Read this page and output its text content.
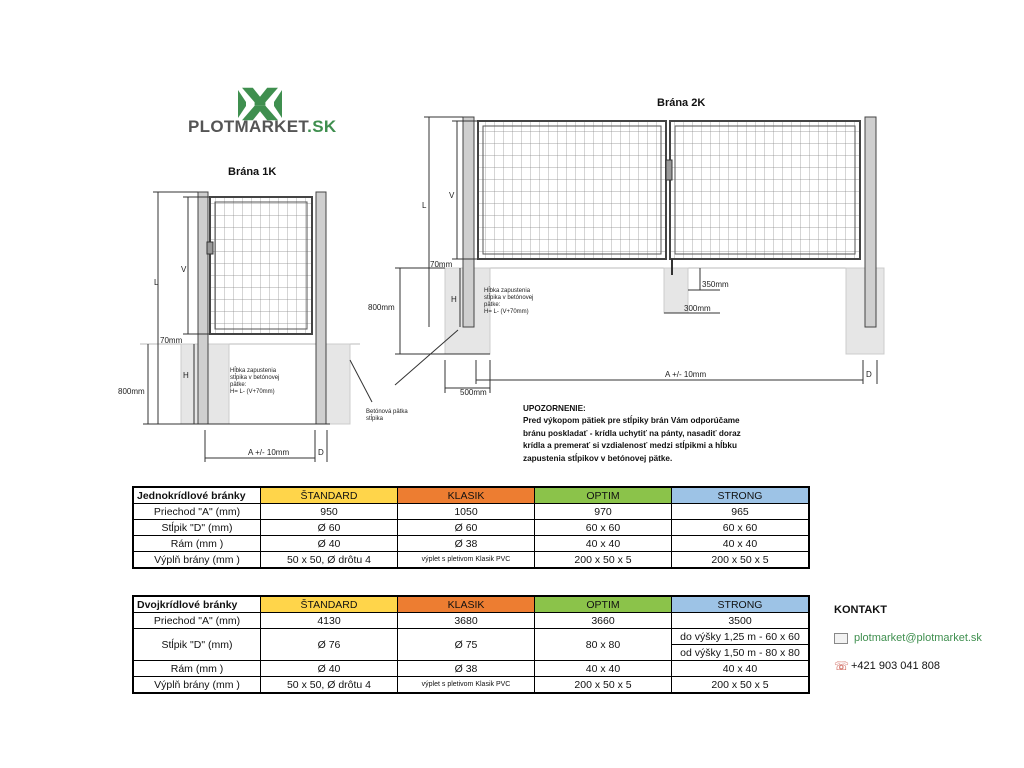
PLOTMARKET.SK
Brána 1K
Brána 2K
L
V
70mm
800mm
H	Hĺbka zapustenia
stĺpika v betónovej
pätke:
H= L- (V+70mm)
Betónová pätka
stĺpika
A +/- 10mm	D
L
V
70mm
800mm
H
Hĺbka zapustenia
stĺpika v betónovej
pätke:
H= L- (V+70mm)
350mm
300mm
500mm
A +/- 10mm	D
UPOZORNENIE:
Pred výkopom pätiek pre stĺpiky brán Vám odporúčame bránu poskladať - krídla uchytiť na pánty, nasadiť doraz krídla a premerať si vzdialenosť medzi stĺpikmi a hĺbku zapustenia stĺpikov v betónovej pätke.
Jednokrídlové bránky	ŠTANDARD	KLASIK	OPTIM	STRONG
Priechod "A" (mm)	950	1050	970	965
Stĺpik "D" (mm)	Ø 60	Ø 60	60 x 60	60 x 60
Rám (mm )	Ø 40	Ø 38	40 x 40	40 x 40
Výplň brány (mm )	50 x 50, Ø drôtu 4	výplet s pletivom Klasik PVC	200 x 50 x 5	200 x 50 x 5
Dvojkrídlové bránky	ŠTANDARD	KLASIK	OPTIM	STRONG
Priechod "A" (mm)	4130	3680	3660	3500
Stĺpik "D" (mm)	Ø 76	Ø 75	80 x 80	do výšky 1,25 m - 60 x 60
				od výšky 1,50 m - 80 x 80
Rám (mm )	Ø 40	Ø 38	40 x 40	40 x 40
Výplň brány (mm )	50 x 50, Ø drôtu 4	výplet s pletivom Klasik PVC	200 x 50 x 5	200 x 50 x 5
KONTAKT
plotmarket@plotmarket.sk
☏ +421 903 041 808
